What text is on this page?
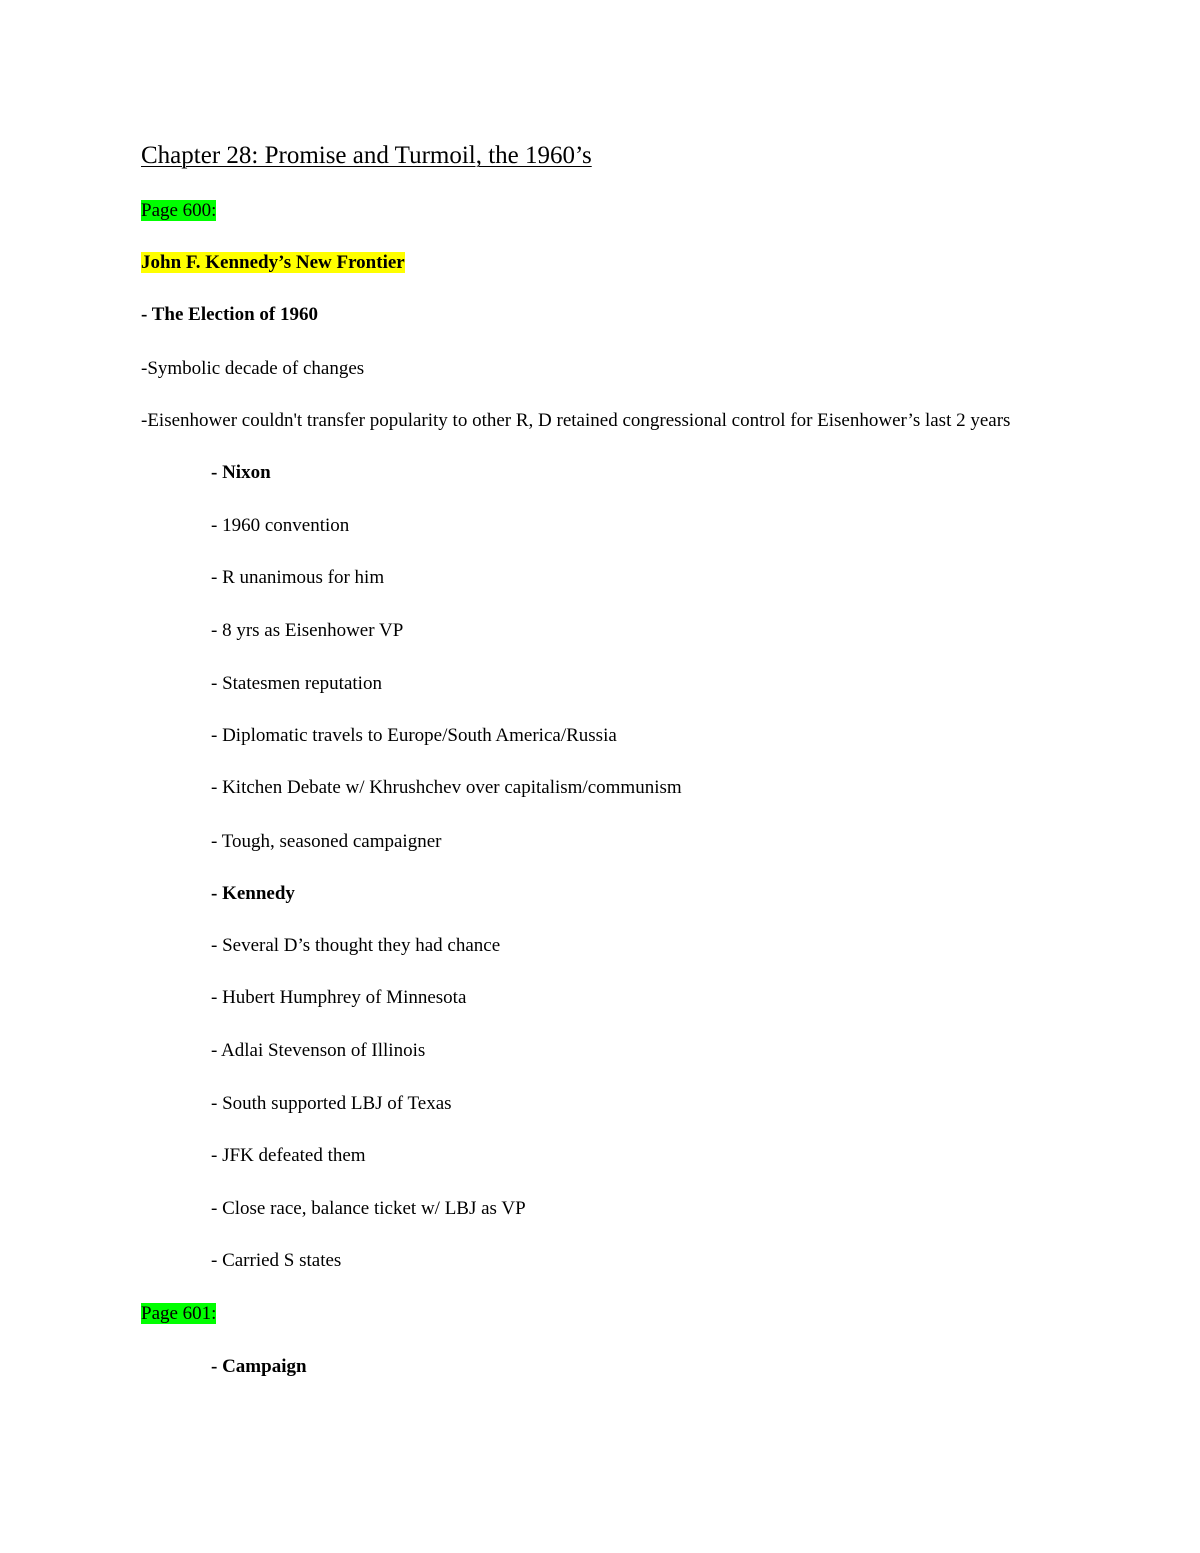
Chapter 28: Promise and Turmoil, the 1960’s
Page 600:
John F. Kennedy’s New Frontier
- The Election of 1960
-Symbolic decade of changes
-Eisenhower couldn't transfer popularity to other R, D retained congressional control for Eisenhower’s last 2 years
- Nixon
- 1960 convention
- R unanimous for him
- 8 yrs as Eisenhower VP
- Statesmen reputation
- Diplomatic travels to Europe/South America/Russia
- Kitchen Debate w/ Khrushchev over capitalism/communism
- Tough, seasoned campaigner
- Kennedy
- Several D’s thought they had chance
- Hubert Humphrey of Minnesota
- Adlai Stevenson of Illinois
- South supported LBJ of Texas
- JFK defeated them
- Close race, balance ticket w/ LBJ as VP
- Carried S states
Page 601:
- Campaign
